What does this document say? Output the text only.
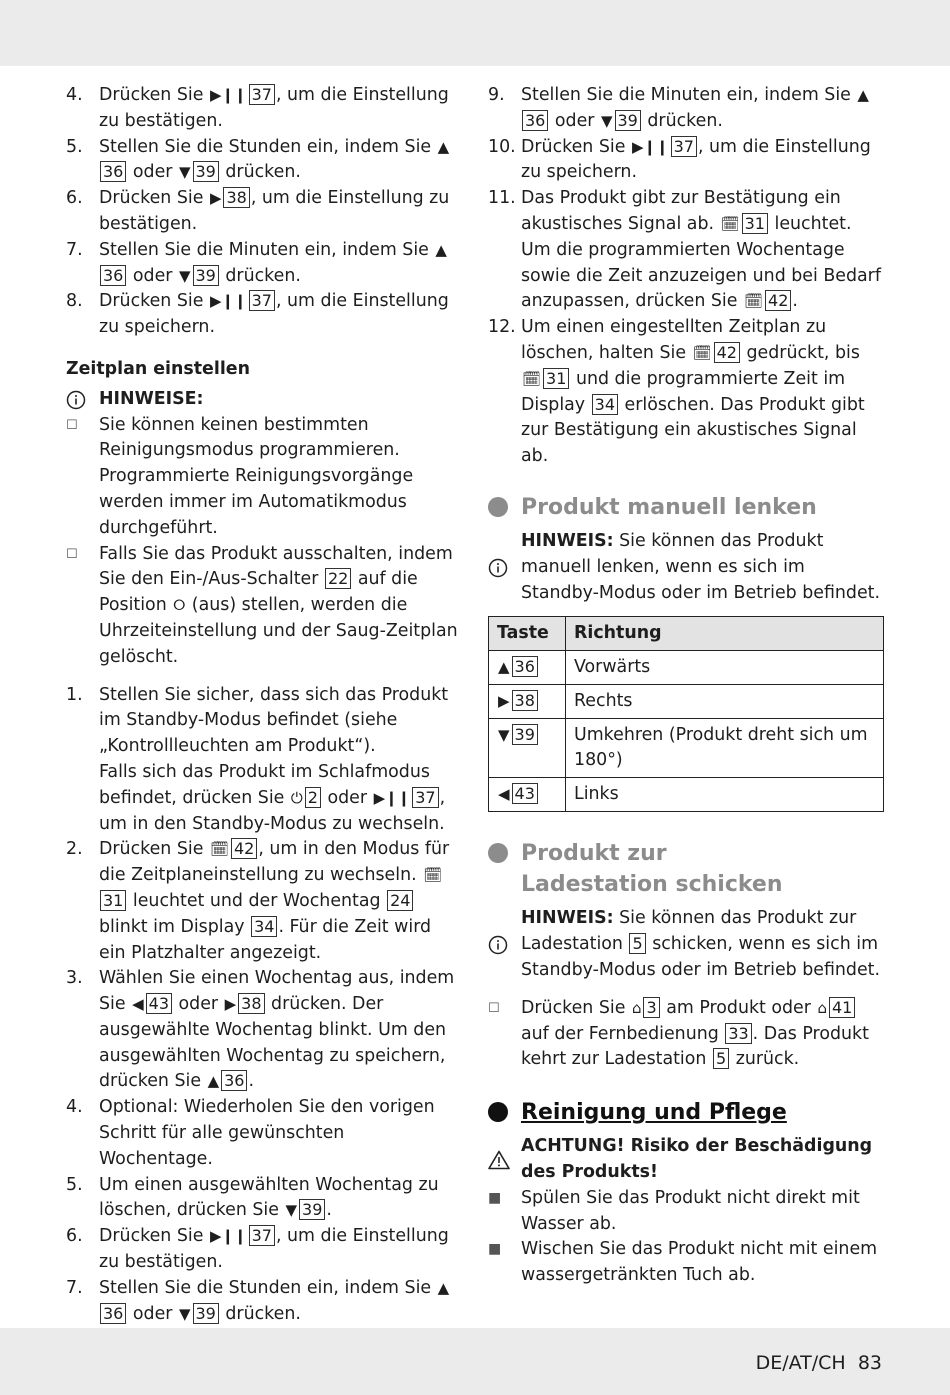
4. Drücken Sie ▶❙❙ 37 , um die Einstellung zu bestätigen.
5. Stellen Sie die Stunden ein, indem Sie ▲36 oder ▼ 39 drücken.
6. Drücken Sie ▶ 38 , um die Einstellung zu bestätigen.
7. Stellen Sie die Minuten ein, indem Sie ▲36 oder ▼ 39 drücken.
8. Drücken Sie ▶❙❙ 37 , um die Einstellung zu speichern.
Zeitplan einstellen
HINWEISE:
☐	Sie können keinen bestimmten Reinigungsmodus programmieren. Programmierte Reinigungsvorgänge werden immer im Automatikmodus durchgeführt.
☐	Falls Sie das Produkt ausschalten, indem Sie den Ein-/Aus-Schalter 22 auf die Position ⭘ (aus) stellen, werden die Uhrzeiteinstellung und der Saug-Zeitplan gelöscht.
1. Stellen Sie sicher, dass sich das Produkt im Standby-Modus befindet (siehe „Kontrollleuchten am Produkt“).
Falls sich das Produkt im Schlafmodus befindet, drücken Sie ⏻ 2 oder ▶❙❙ 37 , um in den Standby-Modus zu wechseln.
2. Drücken Sie 🗓 42 , um in den Modus für die Zeitplaneinstellung zu wechseln. 🗓31 leuchtet und der Wochentag 24 blinkt im Display 34 . Für die Zeit wird ein Platzhalter angezeigt.
3. Wählen Sie einen Wochentag aus, indem Sie ◀ 43 oder ▶ 38 drücken. Der ausgewählte Wochentag blinkt. Um den ausgewählten Wochentag zu speichern, drücken Sie ▲ 36 .
4. Optional: Wiederholen Sie den vorigen Schritt für alle gewünschten Wochentage.
5. Um einen ausgewählten Wochentag zu löschen, drücken Sie ▼ 39 .
6. Drücken Sie ▶❙❙ 37 , um die Einstellung zu bestätigen.
7. Stellen Sie die Stunden ein, indem Sie ▲36 oder ▼ 39 drücken.
9. Stellen Sie die Minuten ein, indem Sie ▲36 oder ▼ 39 drücken.
10. Drücken Sie ▶❙❙ 37 , um die Einstellung zu speichern.
11. Das Produkt gibt zur Bestätigung ein akustisches Signal ab. 🗓 31 leuchtet.
Um die programmierten Wochentage sowie die Zeit anzuzeigen und bei Bedarf anzupassen, drücken Sie 🗓 42 .
12. Um einen eingestellten Zeitplan zu löschen, halten Sie 🗓 42 gedrückt, bis 🗓 31 und die programmierte Zeit im Display 34 erlöschen. Das Produkt gibt zur Bestätigung ein akustisches Signal ab.
Produkt manuell lenken
HINWEIS: Sie können das Produkt manuell lenken, wenn es sich im Standby-Modus oder im Betrieb befindet.
Taste	Richtung
▲ 36	Vorwärts
▶ 38	Rechts
▼ 39	Umkehren (Produkt dreht sich um 180°)
◀ 43	Links
Produkt zur Ladestation schicken
HINWEIS: Sie können das Produkt zur Ladestation 5 schicken, wenn es sich im Standby-Modus oder im Betrieb befindet.
☐	Drücken Sie ⌂ 3 am Produkt oder ⌂ 41 auf der Fernbedienung 33 . Das Produkt kehrt zur Ladestation 5 zurück.
Reinigung und Pflege
ACHTUNG! Risiko der Beschädigung des Produkts!
■	Spülen Sie das Produkt nicht direkt mit Wasser ab.
■	Wischen Sie das Produkt nicht mit einem wassergetränkten Tuch ab.
DE/AT/CH 83
